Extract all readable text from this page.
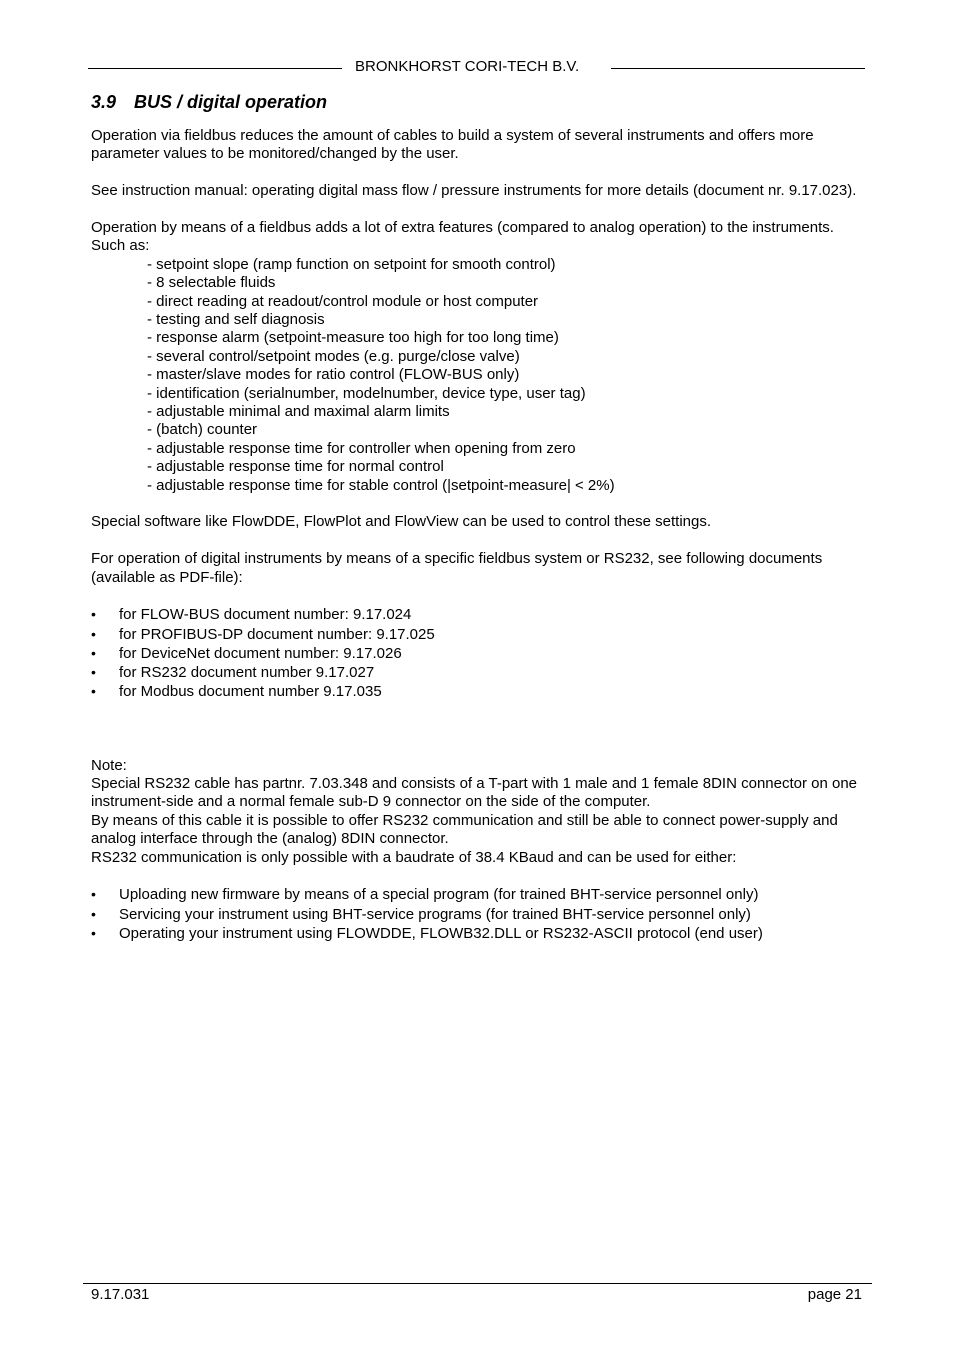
BRONKHORST CORI-TECH B.V.
3.9 BUS / digital operation

Operation via fieldbus reduces the amount of cables to build a system of several instruments and offers more parameter values to be monitored/changed by the user.

See instruction manual: operating digital mass flow / pressure instruments for more details (document nr. 9.17.023).

Operation by means of a fieldbus adds a lot of extra features (compared to analog operation) to the instruments.

Such as:

- setpoint slope (ramp function on setpoint for smooth control)
- 8 selectable fluids
- direct reading at readout/control module or host computer
- testing and self diagnosis
- response alarm (setpoint-measure too high for too long time)
- several control/setpoint modes (e.g. purge/close valve)
- master/slave modes for ratio control (FLOW-BUS only)
- identification (serialnumber, modelnumber, device type, user tag)
- adjustable minimal and maximal alarm limits
- (batch) counter
- adjustable response time for controller when opening from zero
- adjustable response time for normal control
- adjustable response time for stable control (|setpoint-measure| < 2%)

Special software like FlowDDE, FlowPlot and FlowView can be used to control these settings.

For operation of digital instruments by means of a specific fieldbus system or RS232, see following documents (available as PDF-file):

• for FLOW-BUS document number: 9.17.024
• for PROFIBUS-DP document number: 9.17.025
• for DeviceNet document number: 9.17.026
• for RS232 document number 9.17.027
• for Modbus document number 9.17.035

Note:

Special RS232 cable has partnr. 7.03.348 and consists of a T-part with 1 male and 1 female 8DIN connector on one instrument-side and a normal female sub-D 9 connector on the side of the computer.

By means of this cable it is possible to offer RS232 communication and still be able to connect power-supply and analog interface through the (analog) 8DIN connector.

RS232 communication is only possible with a baudrate of 38.4 KBaud and can be used for either:

• Uploading new firmware by means of a special program (for trained BHT-service personnel only)
• Servicing your instrument using BHT-service programs (for trained BHT-service personnel only)
• Operating your instrument using FLOWDDE, FLOWB32.DLL or RS232-ASCII protocol (end user)
9.17.031	page 21
